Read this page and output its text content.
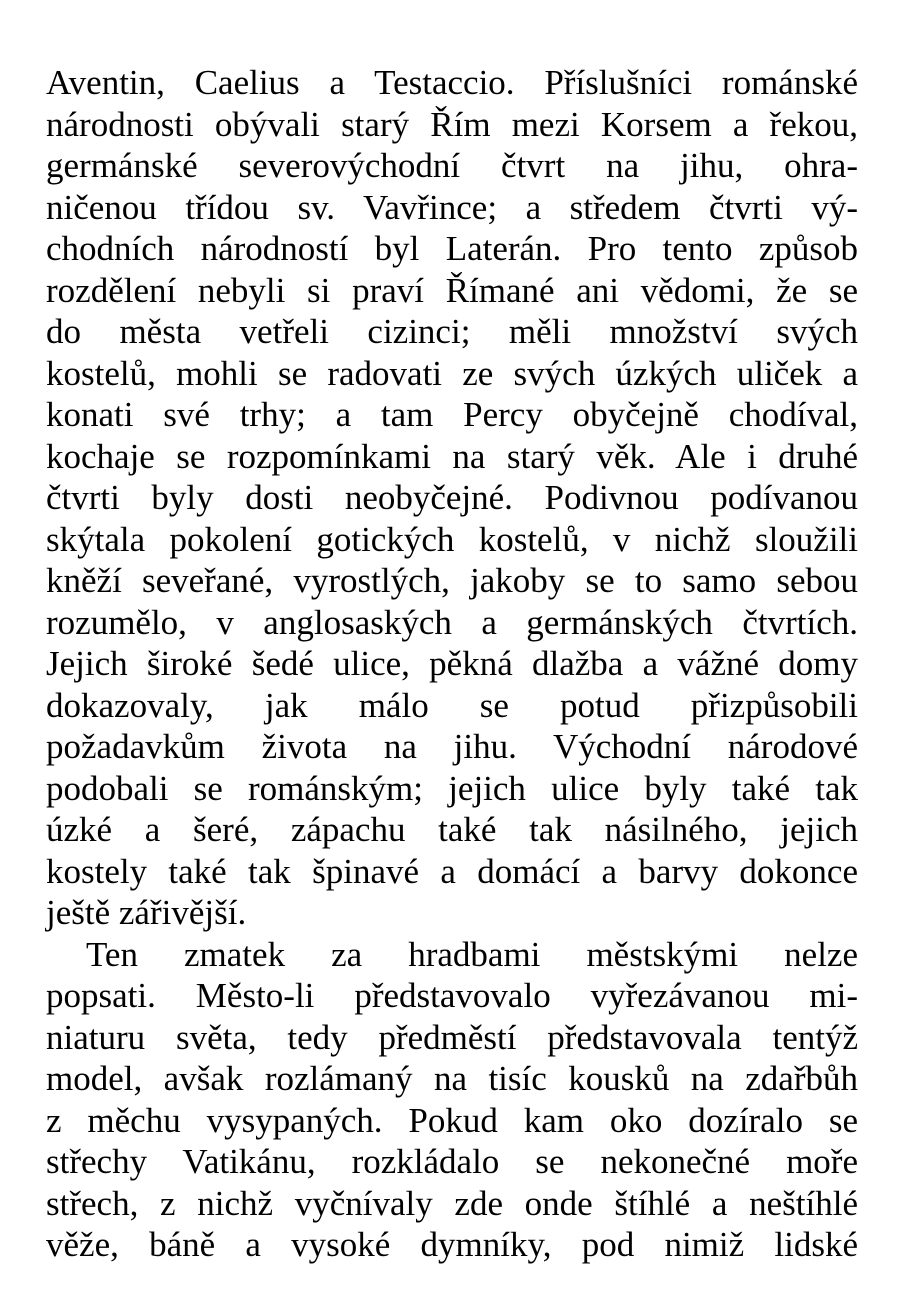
Aventin, Caelius a Testaccio. Příslušníci románské
národnosti obývali starý Řím mezi Korsem a řekou,
germánské severovýchodní čtvrt na jihu, ohra-
ničenou třídou sv. Vavřince; a středem čtvrti vý-
chodních národností byl Laterán. Pro tento způsob
rozdělení nebyli si praví Římané ani vědomi, že se
do města vetřeli cizinci; měli množství svých
kostelů, mohli se radovati ze svých úzkých uliček a
konati své trhy; a tam Percy obyčejně chodíval,
kochaje se rozpomínkami na starý věk. Ale i druhé
čtvrti byly dosti neobyčejné. Podivnou podívanou
skýtala pokolení gotických kostelů, v nichž sloužili
kněží seveřané, vyrostlých, jakoby se to samo sebou
rozumělo, v anglosaských a germánských čtvrtích.
Jejich široké šedé ulice, pěkná dlažba a vážné domy
dokazovaly, jak málo se potud přizpůsobili
požadavkům života na jihu. Východní národové
podobali se románským; jejich ulice byly také tak
úzké a šeré, zápachu také tak násilného, jejich
kostely také tak špinavé a domácí a barvy dokonce
ještě zářivější.
Ten zmatek za hradbami městskými nelze
popsati. Město-li představovalo vyřezávanou mi-
niaturu světa, tedy předměstí představovala tentýž
model, avšak rozlámaný na tisíc kousků na zdařbůh
z měchu vysypaných. Pokud kam oko dozíralo se
střechy Vatikánu, rozkládalo se nekonečné moře
střech, z nichž vyčnívaly zde onde štíhlé a neštíhlé
věže, báně a vysoké dymníky, pod nimiž lidské
